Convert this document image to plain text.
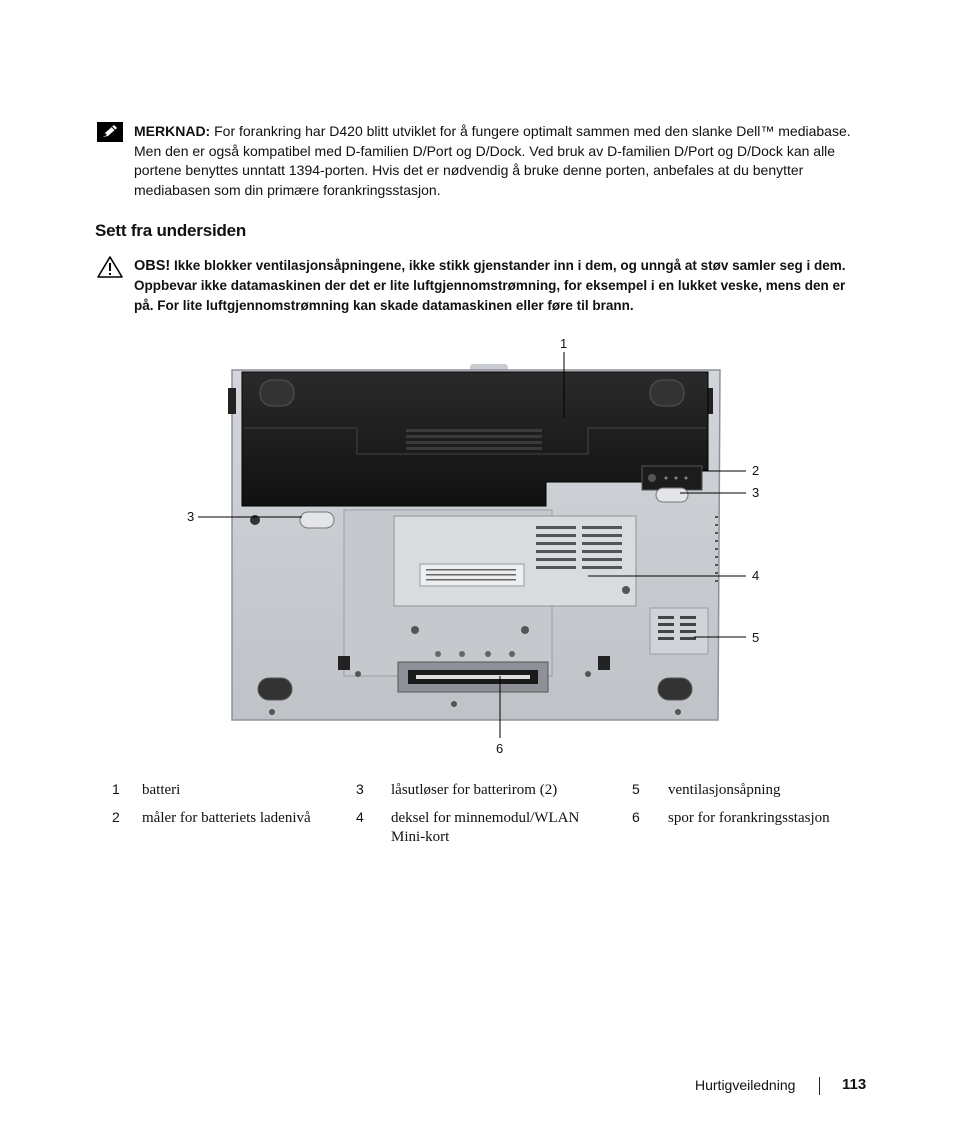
MERKNAD: For forankring har D420 blitt utviklet for å fungere optimalt sammen med den slanke Dell™ mediabase. Men den er også kompatibel med D-familien D/Port og D/Dock. Ved bruk av D-familien D/Port og D/Dock kan alle portene benyttes unntatt 1394-porten. Hvis det er nødvendig å bruke denne porten, anbefales at du benytter mediabasen som din primære forankringsstasjon.
Sett fra undersiden
OBS! Ikke blokker ventilasjonsåpningene, ikke stikk gjenstander inn i dem, og unngå at støv samler seg i dem. Oppbevar ikke datamaskinen der det er lite luftgjennomstrømning, for eksempel i en lukket veske, mens den er på. For lite luftgjennomstrømning kan skade datamaskinen eller føre til brann.
1
2
3
3
4
5
6
1 batteri
2 måler for batteriets ladenivå
3 låsutløser for batterirom (2)
4 deksel for minnemodul/WLAN Mini-kort
5 ventilasjonsåpning
6 spor for forankringsstasjon
Hurtigveiledning	113
